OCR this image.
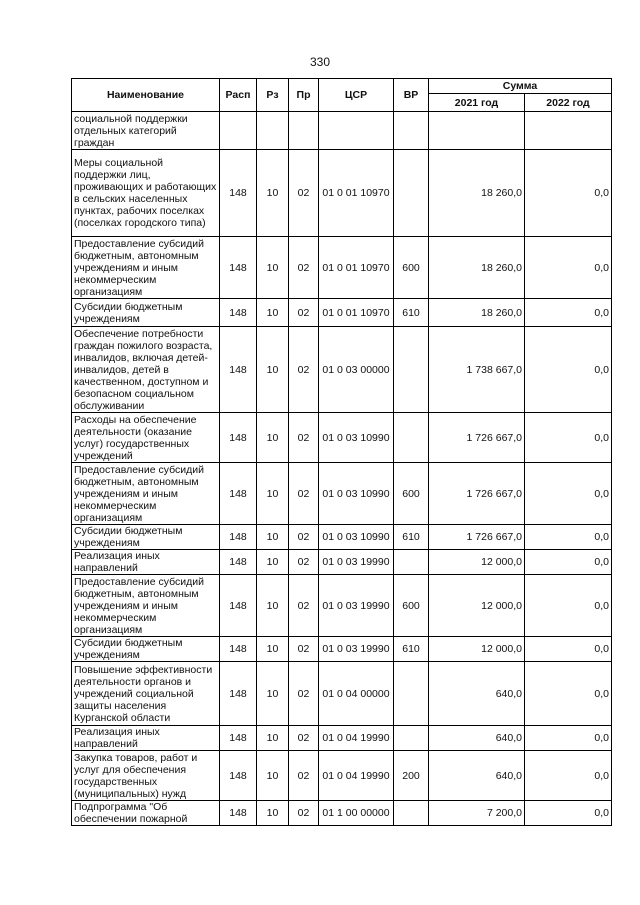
330
Наименование	Расп	Рз	Пр	ЦСР	ВР	Сумма	
						2021 год	2022 год
социальной поддержки отдельных категорий граждан							
Меры социальной поддержки лиц, проживающих и работающих в сельских населенных пунктах, рабочих поселках (поселках городского типа)	148	10	02	01 0 01 10970		18 260,0	0,0
Предоставление субсидий бюджетным, автономным учреждениям и иным некоммерческим организациям	148	10	02	01 0 01 10970	600	18 260,0	0,0
Субсидии бюджетным учреждениям	148	10	02	01 0 01 10970	610	18 260,0	0,0
Обеспечение потребности граждан пожилого возраста, инвалидов, включая детей-инвалидов, детей в качественном, доступном и безопасном социальном обслуживании	148	10	02	01 0 03 00000		1 738 667,0	0,0
Расходы на обеспечение деятельности (оказание услуг) государственных учреждений	148	10	02	01 0 03 10990		1 726 667,0	0,0
Предоставление субсидий бюджетным, автономным учреждениям и иным некоммерческим организациям	148	10	02	01 0 03 10990	600	1 726 667,0	0,0
Субсидии бюджетным учреждениям	148	10	02	01 0 03 10990	610	1 726 667,0	0,0
Реализация иных направлений	148	10	02	01 0 03 19990		12 000,0	0,0
Предоставление субсидий бюджетным, автономным учреждениям и иным некоммерческим организациям	148	10	02	01 0 03 19990	600	12 000,0	0,0
Субсидии бюджетным учреждениям	148	10	02	01 0 03 19990	610	12 000,0	0,0
Повышение эффективности деятельности органов и учреждений социальной защиты населения Курганской области	148	10	02	01 0 04 00000		640,0	0,0
Реализация иных направлений	148	10	02	01 0 04 19990		640,0	0,0
Закупка товаров, работ и услуг для обеспечения государственных (муниципальных) нужд	148	10	02	01 0 04 19990	200	640,0	0,0
Подпрограмма "Об обеспечении пожарной	148	10	02	01 1 00 00000		7 200,0	0,0
